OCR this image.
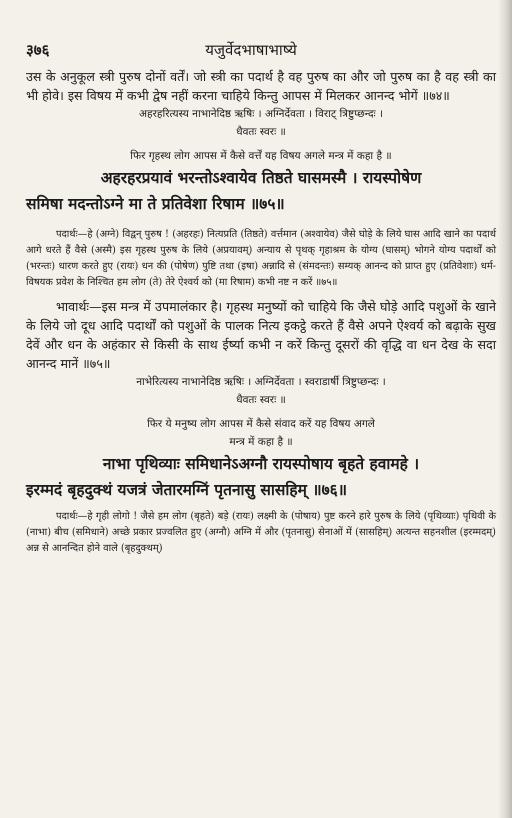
३७६	यजुर्वेदभाषाभाष्ये

उस के अनुकूल स्त्री पुरुष दोनों वर्तें। जो स्त्री का पदार्थ है वह पुरुष का और जो पुरुष का है वह स्त्री का भी होवे। इस विषय में कभी द्वेष नहीं करना चाहिये किन्तु आपस में मिलकर आनन्द भोगें ॥७४॥

अहरहरित्यस्य नाभानेदिष्ठ ऋषिः । अग्निर्देवता । विराट् त्रिष्टुप्छन्दः ।

धैवतः स्वरः ॥

फिर गृहस्थ लोग आपस में कैसे वर्त्तें यह विषय अगले मन्त्र में कहा है ॥

अहरहरप्रयावं भरन्तोऽश्वायेव तिष्ठते घासमस्मै । रायस्पोषेण

समिषा मदन्तोऽग्ने मा ते प्रतिवेशा रिषाम ॥७५॥

पदार्थः—हे (अग्ने) विद्वन् पुरुष ! (अहरहः) नित्यप्रति (तिष्ठते) वर्त्तमान (अश्वायेव) जैसे घोड़े के लिये घास आदि खाने का पदार्थ आगे धरते हैं वैसे (अस्मै) इस गृहस्थ पुरुष के लिये (अप्रयावम्) अन्याय से पृथक् गृहाश्रम के योग्य (घासम्) भोगने योग्य पदार्थों को (भरन्तः) धारण करते हुए (रायः) धन की (पोषेण) पुष्टि तथा (इषा) अन्नादि से (संमदन्तः) सम्यक् आनन्द को प्राप्त हुए (प्रतिवेशाः) धर्म-विषयक प्रवेश के निश्चित हम लोग (ते) तेरे ऐश्वर्य को (मा रिषाम) कभी नष्ट न करें ॥७५॥

भावार्थः—इस मन्त्र में उपमालंकार है। गृहस्थ मनुष्यों को चाहिये कि जैसे घोड़े आदि पशुओं के खाने के लिये जो दूध आदि पदार्थों को पशुओं के पालक नित्य इकट्ठे करते हैं वैसे अपने ऐश्वर्य को बढ़ाके सुख देवें और धन के अहंकार से किसी के साथ ईर्ष्या कभी न करें किन्तु दूसरों की वृद्धि वा धन देख के सदा आनन्द मानें ॥७५॥

नाभेरित्यस्य नाभानेदिष्ठ ऋषिः । अग्निर्देवता । स्वराडार्षी त्रिष्टुप्छन्दः ।

धैवतः स्वरः ॥

फिर ये मनुष्य लोग आपस में कैसे संवाद करें यह विषय अगले

मन्त्र में कहा है ॥

नाभा पृथिव्याः समिधानेऽअग्नौ रायस्पोषाय बृहते हवामहे ।

इरम्मदं बृहदुक्थं यजत्रं जेतारमग्निं पृतनासु सासहिम् ॥७६॥

पदार्थः—हे गृही लोगो ! जैसे हम लोग (बृहते) बड़े (रायः) लक्ष्मी के (पोषाय) पुष्ट करने हारे पुरुष के लिये (पृथिव्याः) पृथिवी के (नाभा) बीच (समिधाने) अच्छे प्रकार प्रज्वलित हुए (अग्नौ) अग्नि में और (पृतनासु) सेनाओं में (सासहिम्) अत्यन्त सहनशील (इरम्मदम्) अन्न से आनन्दित होने वाले (बृहदुक्थम्)
